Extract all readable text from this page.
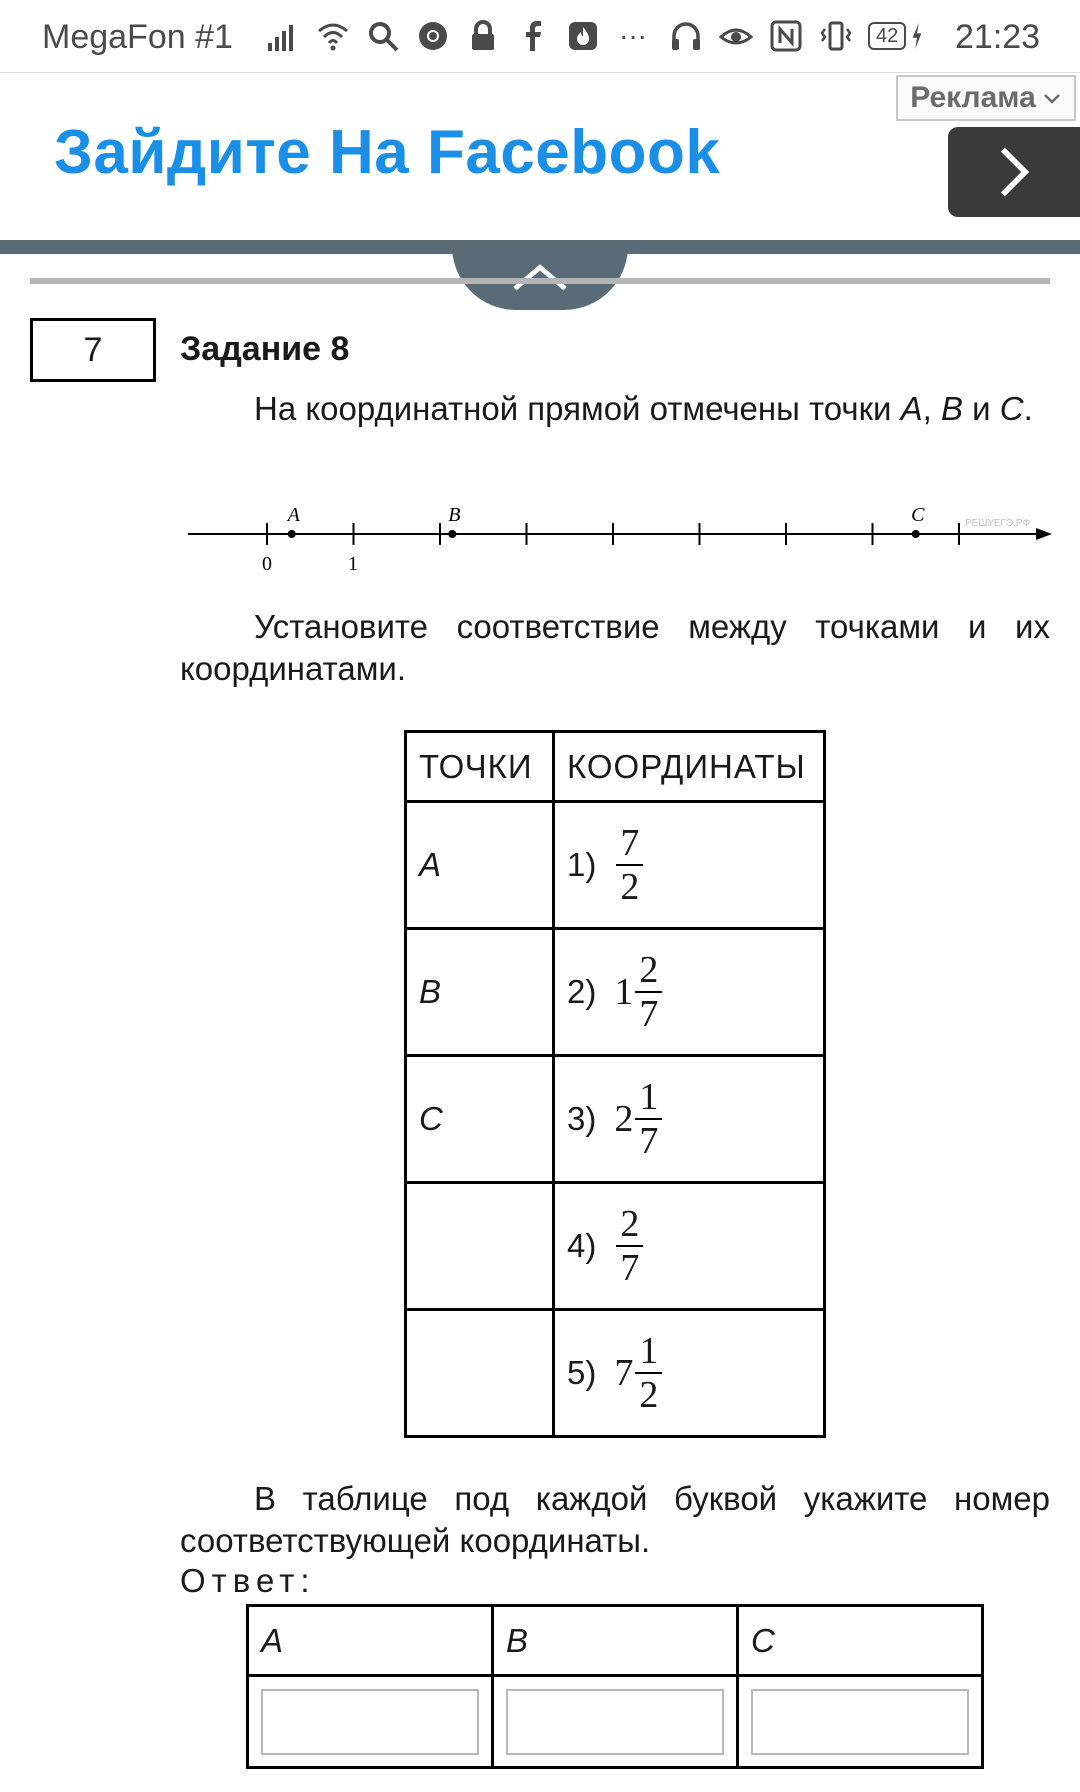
MegaFon #1	···	42 21:23
Зайдите На Facebook
Реклама
7	Задание 8
На координатной прямой отмечены точки A, B и C.
A	B	C
0	1
РЕШУЕГЭ.РФ
Установите соответствие между точками и их координатами.
ТОЧКИ	КООРДИНАТЫ
A	$1) \frac{7}{2}$

B	2) $1 \frac{2}{7}$

C	3) $2 \frac{1}{7}$

	$4) \frac{2}{7}$

	5) $7 \frac{1}{2}$
В таблице под каждой буквой укажите номер соответствующей координаты.
Ответ:
A	B	C
